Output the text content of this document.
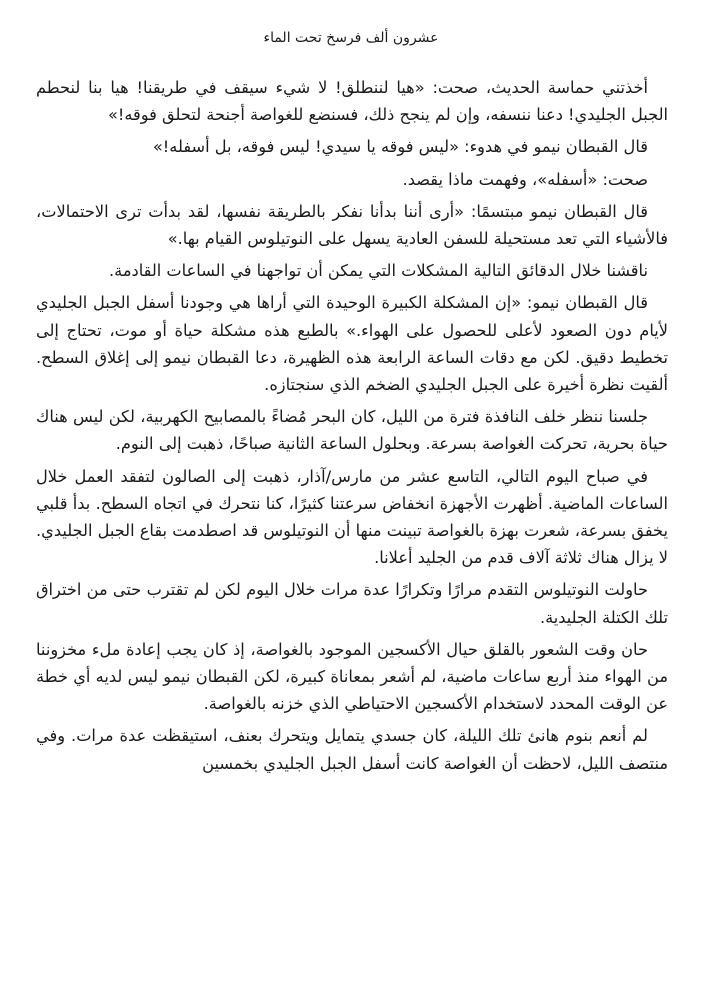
عشرون ألف فرسخ تحت الماء

أخذتني حماسة الحديث، صحت: «هيا لننطلق! لا شيء سيقف في طريقنا! هيا بنا لنحطم الجبل الجليدي! دعنا ننسفه، وإن لم ينجح ذلك، فسنضع للغواصة أجنحة لتحلق فوقه!»

قال القبطان نيمو في هدوء: «ليس فوقه يا سيدي! ليس فوقه، بل أسفله!»

صحت: «أسفله»، وفهمت ماذا يقصد.

قال القبطان نيمو مبتسمًا: «أرى أننا بدأنا نفكر بالطريقة نفسها، لقد بدأت ترى الاحتمالات، فالأشياء التي تعد مستحيلة للسفن العادية يسهل على النوتيلوس القيام بها.»

ناقشنا خلال الدقائق التالية المشكلات التي يمكن أن تواجهنا في الساعات القادمة.

قال القبطان نيمو: «إن المشكلة الكبيرة الوحيدة التي أراها هي وجودنا أسفل الجبل الجليدي لأيام دون الصعود لأعلى للحصول على الهواء.» بالطبع هذه مشكلة حياة أو موت، تحتاج إلى تخطيط دقيق. لكن مع دقات الساعة الرابعة هذه الظهيرة، دعا القبطان نيمو إلى إغلاق السطح. ألقيت نظرة أخيرة على الجبل الجليدي الضخم الذي سنجتازه.

جلسنا ننظر خلف النافذة فترة من الليل، كان البحر مُضاءً بالمصابيح الكهربية، لكن ليس هناك حياة بحرية، تحركت الغواصة بسرعة. وبحلول الساعة الثانية صباحًا، ذهبت إلى النوم.

في صباح اليوم التالي، التاسع عشر من مارس/آذار، ذهبت إلى الصالون لتفقد العمل خلال الساعات الماضية. أظهرت الأجهزة انخفاض سرعتنا كثيرًا، كنا نتحرك في اتجاه السطح. بدأ قلبي يخفق بسرعة، شعرت بهزة بالغواصة تبينت منها أن النوتيلوس قد اصطدمت بقاع الجبل الجليدي. لا يزال هناك ثلاثة آلاف قدم من الجليد أعلانا.

حاولت النوتيلوس التقدم مرارًا وتكرارًا عدة مرات خلال اليوم لكن لم تقترب حتى من اختراق تلك الكتلة الجليدية.

حان وقت الشعور بالقلق حيال الأكسجين الموجود بالغواصة، إذ كان يجب إعادة ملء مخزوننا من الهواء منذ أربع ساعات ماضية، لم أشعر بمعاناة كبيرة، لكن القبطان نيمو ليس لديه أي خطة عن الوقت المحدد لاستخدام الأكسجين الاحتياطي الذي خزنه بالغواصة.

لم أنعم بنوم هانئ تلك الليلة، كان جسدي يتمايل ويتحرك بعنف، استيقظت عدة مرات. وفي منتصف الليل، لاحظت أن الغواصة كانت أسفل الجبل الجليدي بخمسين
